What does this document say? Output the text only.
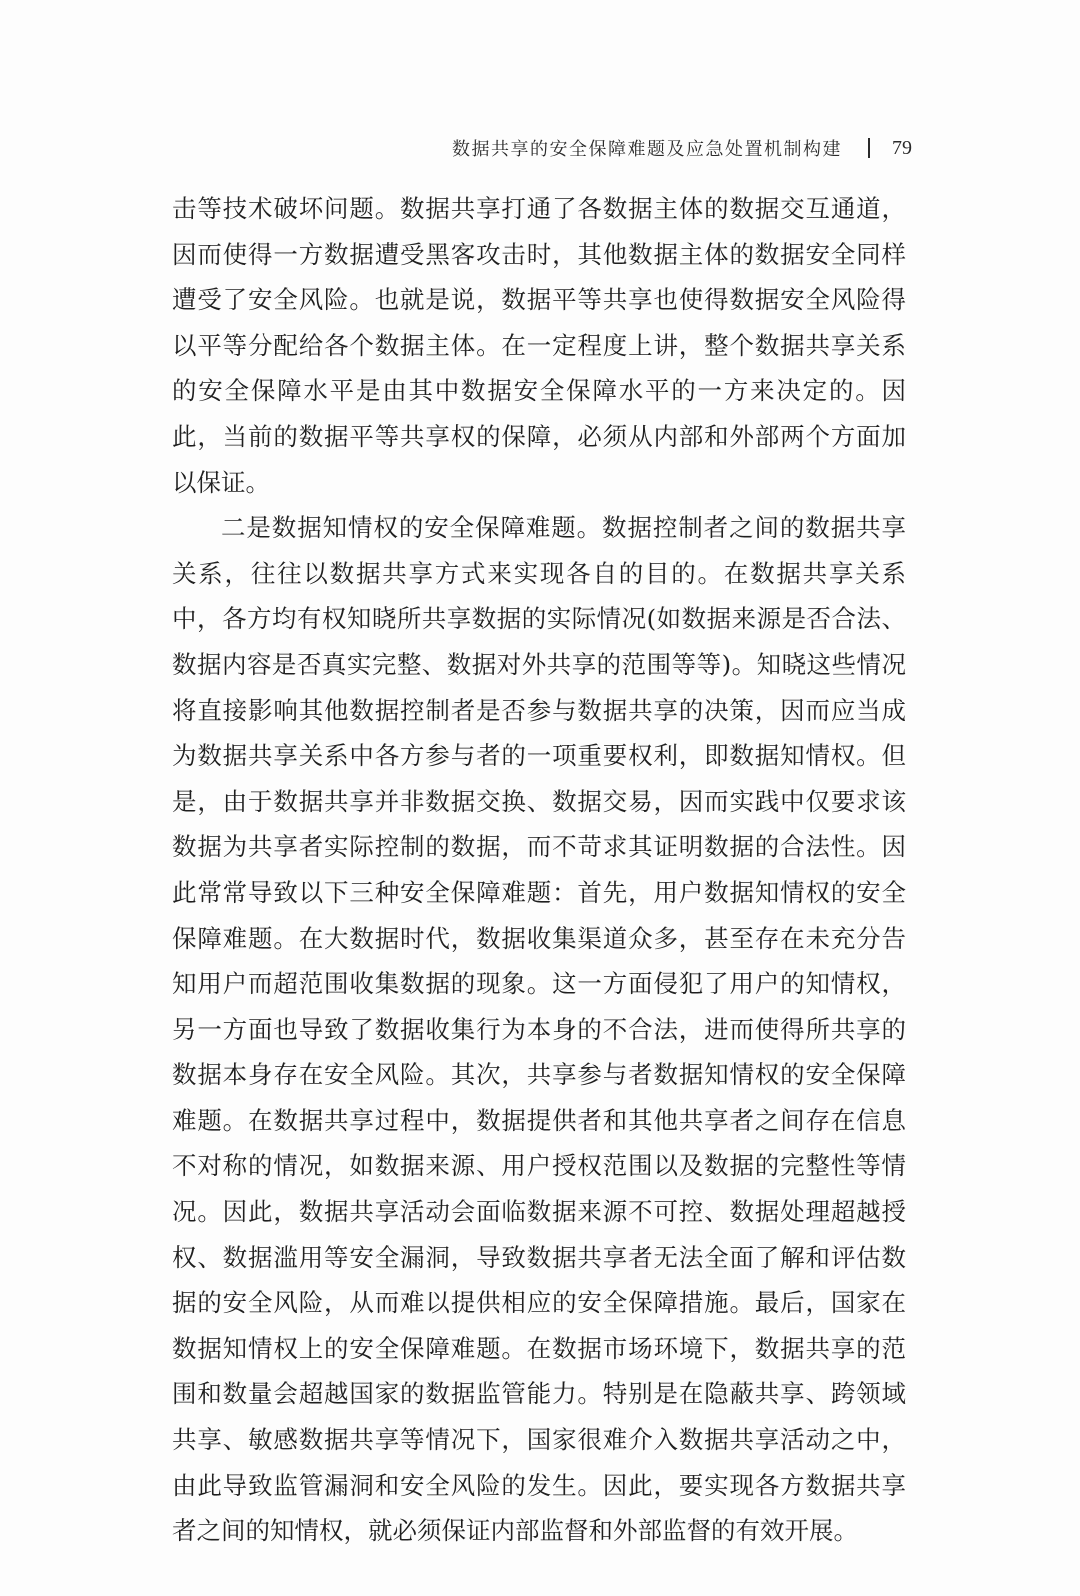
数据共享的安全保障难题及应急处置机制构建	79

击等技术破坏问题。数据共享打通了各数据主体的数据交互通道，因而使得一方数据遭受黑客攻击时，其他数据主体的数据安全同样遭受了安全风险。也就是说，数据平等共享也使得数据安全风险得以平等分配给各个数据主体。在一定程度上讲，整个数据共享关系的安全保障水平是由其中数据安全保障水平的一方来决定的。因此，当前的数据平等共享权的保障，必须从内部和外部两个方面加以保证。

二是数据知情权的安全保障难题。数据控制者之间的数据共享关系，往往以数据共享方式来实现各自的目的。在数据共享关系中，各方均有权知晓所共享数据的实际情况(如数据来源是否合法、数据内容是否真实完整、数据对外共享的范围等等)。知晓这些情况将直接影响其他数据控制者是否参与数据共享的决策，因而应当成为数据共享关系中各方参与者的一项重要权利，即数据知情权。但是，由于数据共享并非数据交换、数据交易，因而实践中仅要求该数据为共享者实际控制的数据，而不苛求其证明数据的合法性。因此常常导致以下三种安全保障难题：首先，用户数据知情权的安全保障难题。在大数据时代，数据收集渠道众多，甚至存在未充分告知用户而超范围收集数据的现象。这一方面侵犯了用户的知情权，另一方面也导致了数据收集行为本身的不合法，进而使得所共享的数据本身存在安全风险。其次，共享参与者数据知情权的安全保障难题。在数据共享过程中，数据提供者和其他共享者之间存在信息不对称的情况，如数据来源、用户授权范围以及数据的完整性等情况。因此，数据共享活动会面临数据来源不可控、数据处理超越授权、数据滥用等安全漏洞，导致数据共享者无法全面了解和评估数据的安全风险，从而难以提供相应的安全保障措施。最后，国家在数据知情权上的安全保障难题。在数据市场环境下，数据共享的范围和数量会超越国家的数据监管能力。特别是在隐蔽共享、跨领域共享、敏感数据共享等情况下，国家很难介入数据共享活动之中，由此导致监管漏洞和安全风险的发生。因此，要实现各方数据共享者之间的知情权，就必须保证内部监督和外部监督的有效开展。
